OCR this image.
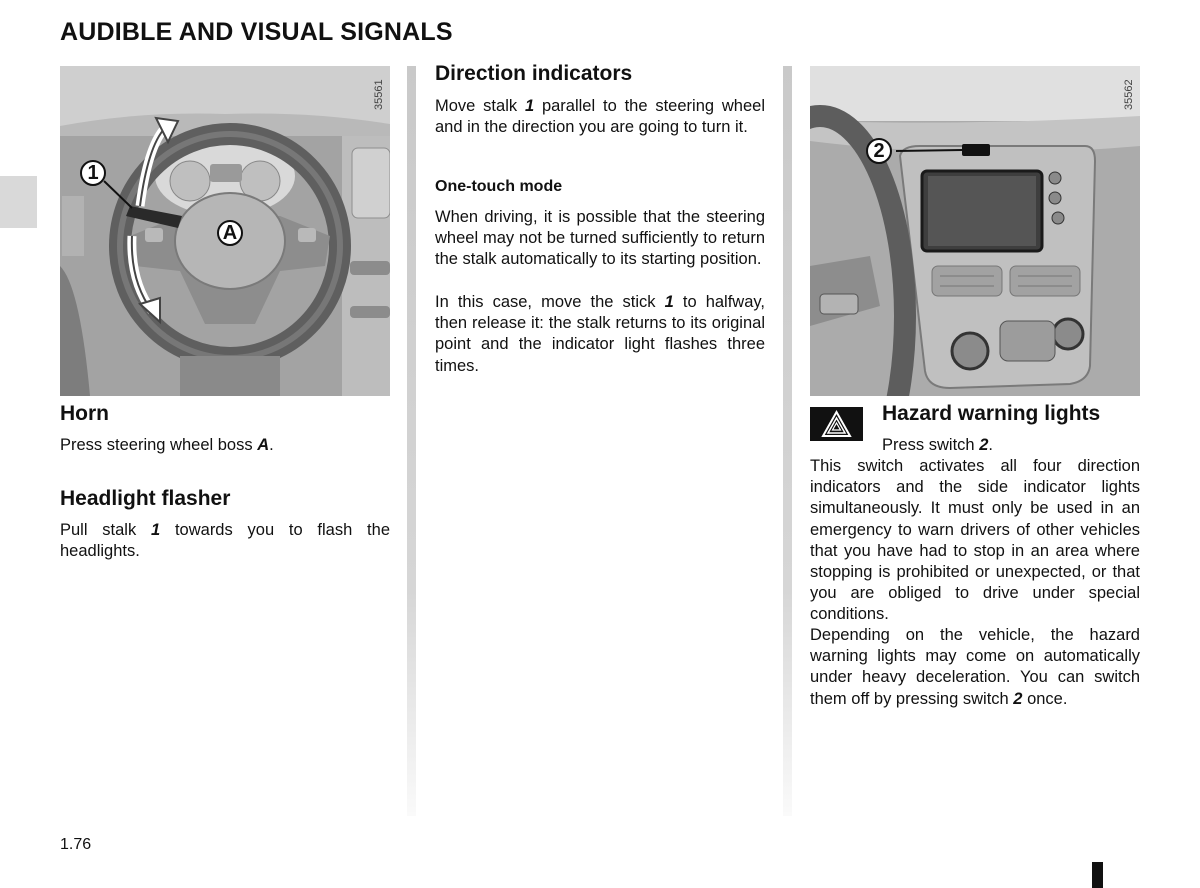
AUDIBLE AND VISUAL SIGNALS
1
A
35561
2
35562
Horn
Press steering wheel boss A.
Headlight flasher
Pull stalk 1 towards you to flash the headlights.
Direction indicators
Move stalk 1 parallel to the steering wheel and in the direction you are going to turn it.
One-touch mode
When driving, it is possible that the steering wheel may not be turned sufficiently to return the stalk automatically to its starting position.
In this case, move the stick 1 to halfway, then release it: the stalk returns to its original point and the indicator light flashes three times.
Hazard warning lights
Press switch 2.
This switch activates all four direction indicators and the side indicator lights simultaneously. It must only be used in an emergency to warn drivers of other vehicles that you have had to stop in an area where stopping is prohibited or unexpected, or that you are obliged to drive under special conditions.
Depending on the vehicle, the hazard warning lights may come on automatically under heavy deceleration. You can switch them off by pressing switch 2 once.
1.76
